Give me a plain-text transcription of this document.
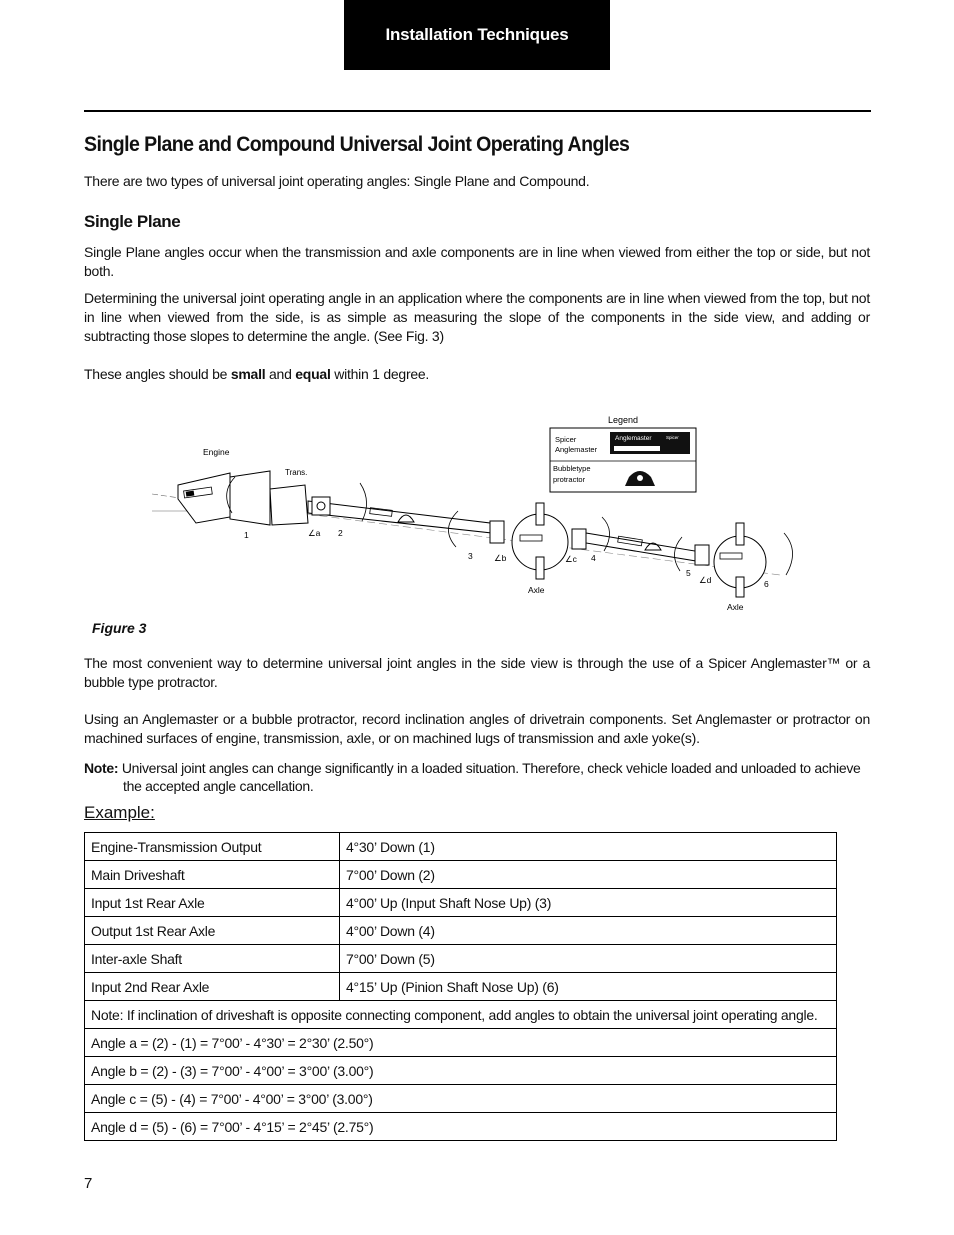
Installation Techniques
Single Plane and Compound Universal Joint Operating Angles
There are two types of universal joint operating angles: Single Plane and Compound.
Single Plane
Single Plane angles occur when the transmission and axle components are in line when viewed from either the top or side, but not both.
Determining the universal joint operating angle in an application where the components are in line when viewed from the top, but not in line when viewed from the side, is as simple as measuring the slope of the components in the side view, and adding or subtracting those slopes to determine the angle. (See Fig. 3)
These angles should be small and equal within 1 degree.
Legend
Spicer
Anglemaster
Anglemaster	Spicer
Bubbletype
protractor
Engine
Trans.
Axle
Axle
1	∠a 2
3	∠b	∠c 4
5
∠d	6
Figure 3
The most convenient way to determine universal joint angles in the side view is through the use of a Spicer Anglemaster™ or a bubble type protractor.
Using an Anglemaster or a bubble protractor, record inclination angles of drivetrain components. Set Anglemaster or protractor on machined surfaces of engine, transmission, axle, or on machined lugs of transmission and axle yoke(s).
Note: Universal joint angles can change significantly in a loaded situation. Therefore, check vehicle loaded and unloaded to achieve
the accepted angle cancellation.
Example:
Engine-Transmission Output	4°30’ Down (1)
Main Driveshaft	7°00’ Down (2)
Input 1st Rear Axle	4°00’ Up (Input Shaft Nose Up) (3)
Output 1st Rear Axle	4°00’ Down (4)
Inter-axle Shaft	7°00’ Down (5)
Input 2nd Rear Axle	4°15’ Up (Pinion Shaft Nose Up) (6)
Note: If inclination of driveshaft is opposite connecting component, add angles to obtain the universal joint operating angle.	
Angle a = (2) - (1) = 7°00’ - 4°30’ = 2°30’ (2.50°)	
Angle b = (2) - (3) = 7°00’ - 4°00’ = 3°00’ (3.00°)	
Angle c = (5) - (4) = 7°00’ - 4°00’ = 3°00’ (3.00°)	
Angle d = (5) - (6) = 7°00’ - 4°15’ = 2°45’ (2.75°)	
7
